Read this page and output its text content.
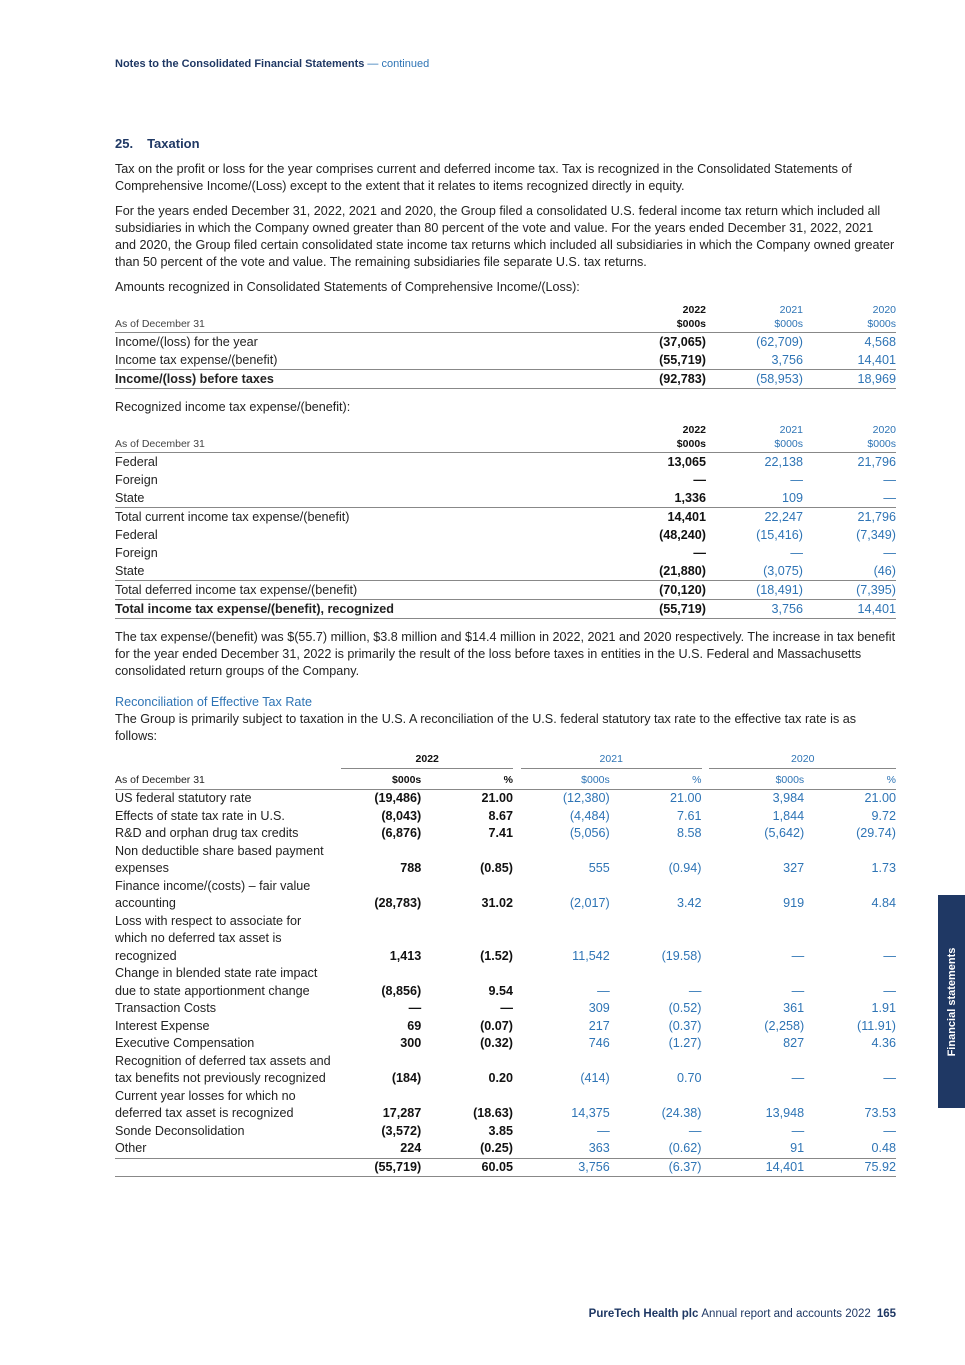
Notes to the Consolidated Financial Statements — continued
25. Taxation

Tax on the profit or loss for the year comprises current and deferred income tax. Tax is recognized in the Consolidated Statements of Comprehensive Income/(Loss) except to the extent that it relates to items recognized directly in equity.

For the years ended December 31, 2022, 2021 and 2020, the Group filed a consolidated U.S. federal income tax return which included all subsidiaries in which the Company owned greater than 80 percent of the vote and value. For the years ended December 31, 2022, 2021 and 2020, the Group filed certain consolidated state income tax returns which included all subsidiaries in which the Company owned greater than 50 percent of the vote and value. The remaining subsidiaries file separate U.S. tax returns.

Amounts recognized in Consolidated Statements of Comprehensive Income/(Loss):

	2022	2021	2020
As of December 31	$000s	$000s	$000s
Income/(loss) for the year	(37,065)	(62,709)	4,568
Income tax expense/(benefit)	(55,719)	3,756	14,401
Income/(loss) before taxes	(92,783)	(58,953)	18,969

Recognized income tax expense/(benefit):

	2022	2021	2020
As of December 31	$000s	$000s	$000s
Federal	13,065	22,138	21,796
Foreign	—	—	—
State	1,336	109	—
Total current income tax expense/(benefit)	14,401	22,247	21,796
Federal	(48,240)	(15,416)	(7,349)
Foreign	—	—	—
State	(21,880)	(3,075)	(46)
Total deferred income tax expense/(benefit)	(70,120)	(18,491)	(7,395)
Total income tax expense/(benefit), recognized	(55,719)	3,756	14,401

The tax expense/(benefit) was $(55.7) million, $3.8 million and $14.4 million in 2022, 2021 and 2020 respectively. The increase in tax benefit for the year ended December 31, 2022 is primarily the result of the loss before taxes in entities in the U.S. Federal and Massachusetts consolidated return groups of the Company.

Reconciliation of Effective Tax Rate

The Group is primarily subject to taxation in the U.S. A reconciliation of the U.S. federal statutory tax rate to the effective tax rate is as follows:

	2022			2021			2020	
As of December 31	$000s	%		$000s	%		$000s	%
US federal statutory rate	(19,486)	21.00		(12,380)	21.00		3,984	21.00
Effects of state tax rate in U.S.	(8,043)	8.67		(4,484)	7.61		1,844	9.72
R&D and orphan drug tax credits	(6,876)	7.41		(5,056)	8.58		(5,642)	(29.74)
Non deductible share based payment expenses	788	(0.85)		555	(0.94)		327	1.73
Finance income/(costs) – fair value accounting	(28,783)	31.02		(2,017)	3.42		919	4.84
Loss with respect to associate for which no deferred tax asset is recognized	1,413	(1.52)		11,542	(19.58)		—	—
Change in blended state rate impact due to state apportionment change	(8,856)	9.54		—	—		—	—
Transaction Costs	—	—		309	(0.52)		361	1.91
Interest Expense	69	(0.07)		217	(0.37)		(2,258)	(11.91)
Executive Compensation	300	(0.32)		746	(1.27)		827	4.36
Recognition of deferred tax assets and tax benefits not previously recognized	(184)	0.20		(414)	0.70		—	—
Current year losses for which no deferred tax asset is recognized	17,287	(18.63)		14,375	(24.38)		13,948	73.53
Sonde Deconsolidation	(3,572)	3.85		—	—		—	—
Other	224	(0.25)		363	(0.62)		91	0.48
	(55,719)	60.05		3,756	(6.37)		14,401	75.92
Financial statements
PureTech Health plc Annual report and accounts 2022 165
